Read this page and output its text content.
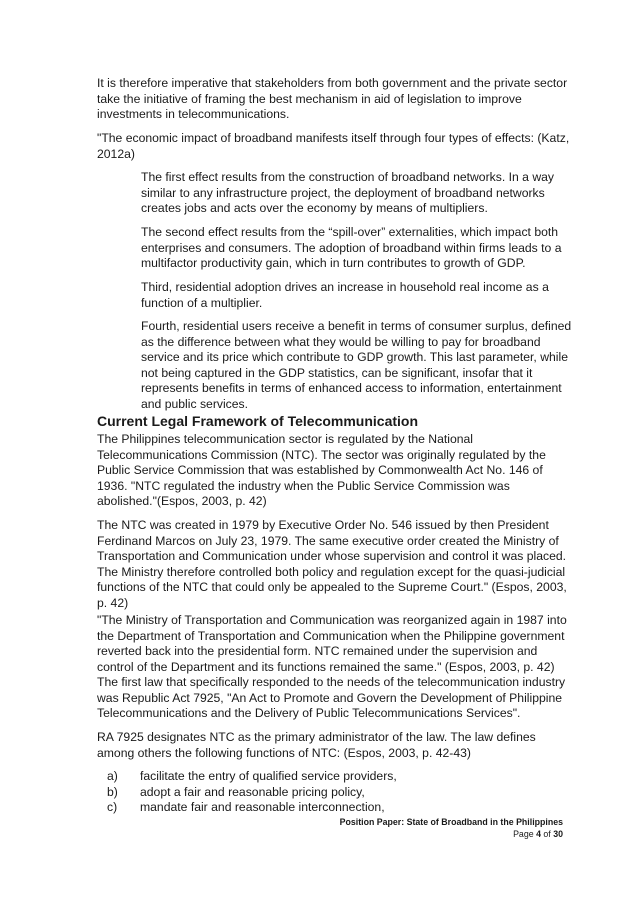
It is therefore imperative that stakeholders from both government and the private sector
take the initiative of framing the best mechanism in aid of legislation to improve
investments in telecommunications.

"The economic impact of broadband manifests itself through four types of effects: (Katz,
2012a)

The first effect results from the construction of broadband networks. In a way
similar to any infrastructure project, the deployment of broadband networks
creates jobs and acts over the economy by means of multipliers.

The second effect results from the “spill-over” externalities, which impact both
enterprises and consumers. The adoption of broadband within firms leads to a
multifactor productivity gain, which in turn contributes to growth of GDP.

Third, residential adoption drives an increase in household real income as a
function of a multiplier.

Fourth, residential users receive a benefit in terms of consumer surplus, defined
as the difference between what they would be willing to pay for broadband
service and its price which contribute to GDP growth. This last parameter, while
not being captured in the GDP statistics, can be significant, insofar that it
represents benefits in terms of enhanced access to information, entertainment
and public services.

Current Legal Framework of Telecommunication

The Philippines telecommunication sector is regulated by the National
Telecommunications Commission (NTC). The sector was originally regulated by the
Public Service Commission that was established by Commonwealth Act No. 146 of
1936. "NTC regulated the industry when the Public Service Commission was
abolished."(Espos, 2003, p. 42)

The NTC was created in 1979 by Executive Order No. 546 issued by then President
Ferdinand Marcos on July 23, 1979. The same executive order created the Ministry of
Transportation and Communication under whose supervision and control it was placed.
The Ministry therefore controlled both policy and regulation except for the quasi-judicial
functions of the NTC that could only be appealed to the Supreme Court." (Espos, 2003,
p. 42)

"The Ministry of Transportation and Communication was reorganized again in 1987 into
the Department of Transportation and Communication when the Philippine government
reverted back into the presidential form. NTC remained under the supervision and
control of the Department and its functions remained the same." (Espos, 2003, p. 42)

The first law that specifically responded to the needs of the telecommunication industry
was Republic Act 7925, "An Act to Promote and Govern the Development of Philippine
Telecommunications and the Delivery of Public Telecommunications Services".

RA 7925 designates NTC as the primary administrator of the law. The law defines
among others the following functions of NTC: (Espos, 2003, p. 42-43)

a) facilitate the entry of qualified service providers,
b) adopt a fair and reasonable pricing policy,
c) mandate fair and reasonable interconnection,
Position Paper: State of Broadband in the Philippines
Page 4 of 30
